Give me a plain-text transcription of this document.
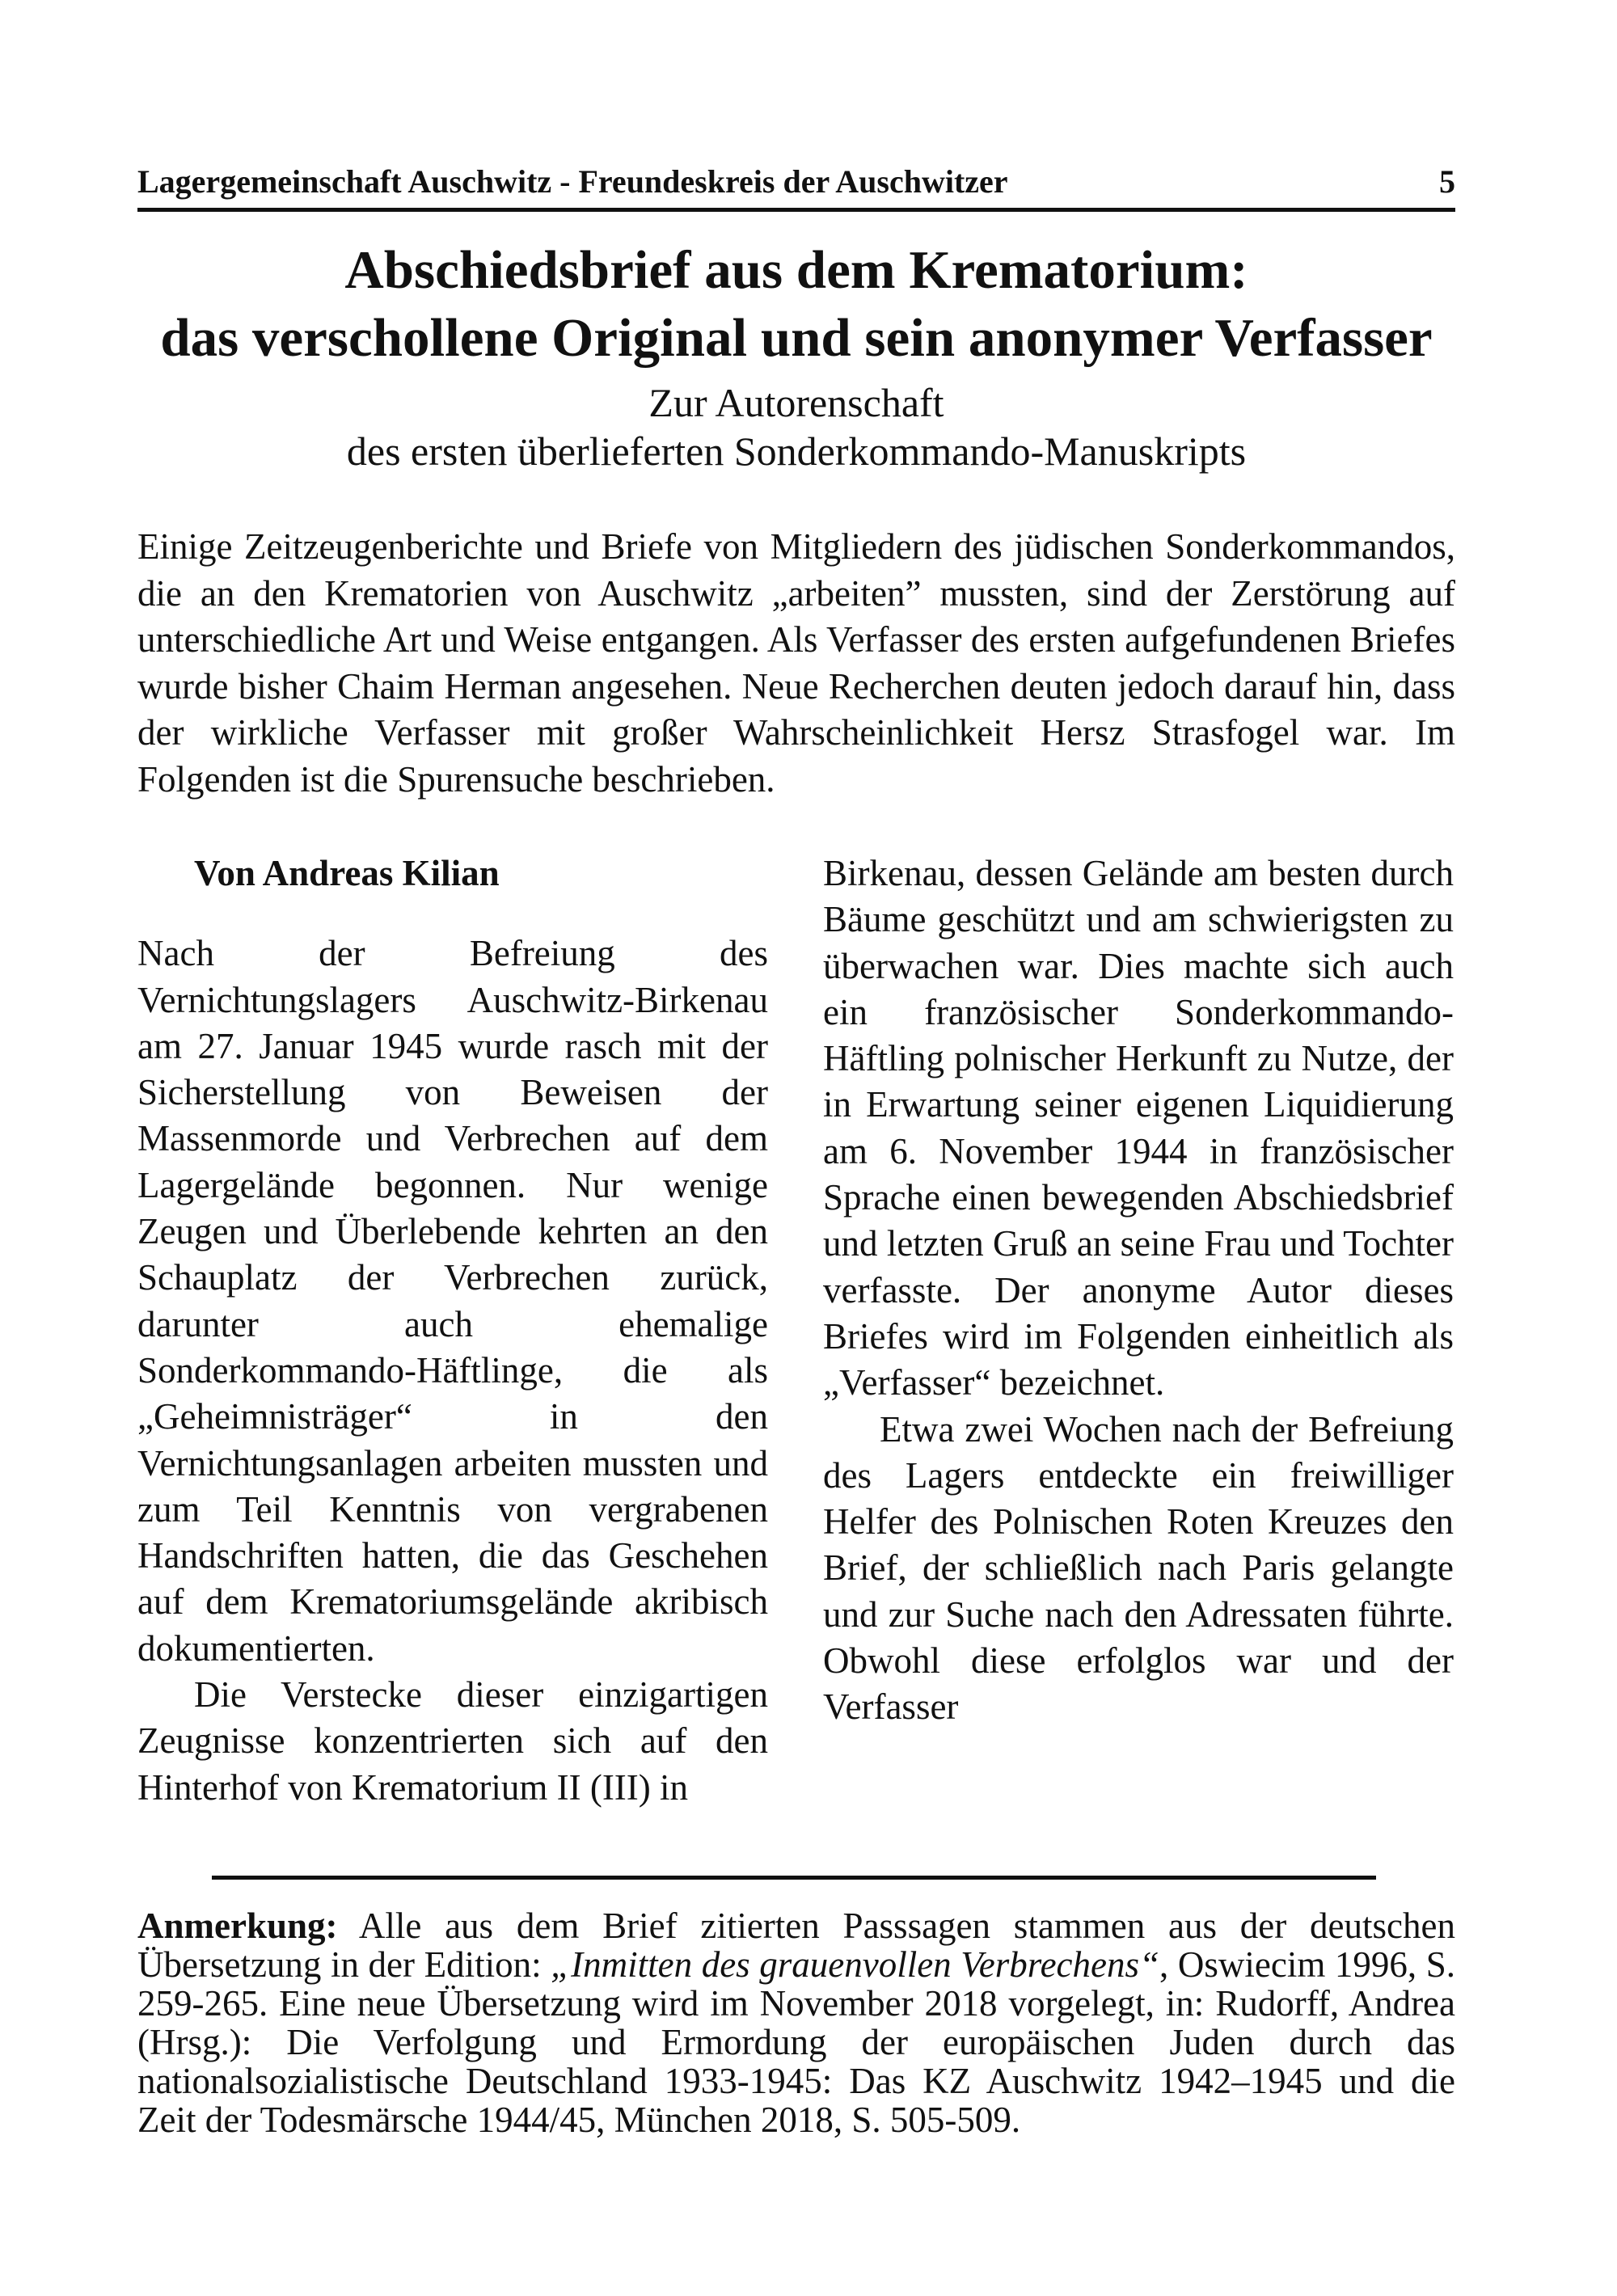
Lagergemeinschaft Auschwitz - Freundeskreis der Auschwitzer	5
Abschiedsbrief aus dem Krematorium:
das verschollene Original und sein anonymer Verfasser

Zur Autorenschaft
des ersten überlieferten Sonderkommando-Manuskripts

Einige Zeitzeugenberichte und Briefe von Mitgliedern des jüdischen Sonderkommandos, die an den Krematorien von Auschwitz „arbeiten” mussten, sind der Zerstörung auf unterschiedliche Art und Weise entgangen. Als Verfasser des ersten aufgefundenen Briefes wurde bisher Chaim Herman angesehen. Neue Recherchen deuten jedoch darauf hin, dass der wirkliche Verfasser mit großer Wahrscheinlichkeit Hersz Strasfogel war. Im Folgenden ist die Spurensuche beschrieben.

Von Andreas Kilian

Nach der Befreiung des Vernichtungslagers Auschwitz-Birkenau am 27. Januar 1945 wurde rasch mit der Sicherstellung von Beweisen der Massenmorde und Verbrechen auf dem Lagergelände begonnen. Nur wenige Zeugen und Überlebende kehrten an den Schauplatz der Verbrechen zurück, darunter auch ehemalige Sonderkommando-Häftlinge, die als „Geheimnisträger“ in den Vernichtungsanlagen arbeiten mussten und zum Teil Kenntnis von vergrabenen Handschriften hatten, die das Geschehen auf dem Krematoriumsgelände akribisch dokumentierten.

Die Verstecke dieser einzigartigen Zeugnisse konzentrierten sich auf den Hinterhof von Krematorium II (III) in

Birkenau, dessen Gelände am besten durch Bäume geschützt und am schwierigsten zu überwachen war. Dies machte sich auch ein französischer Sonderkommando-Häftling polnischer Herkunft zu Nutze, der in Erwartung seiner eigenen Liquidierung am 6. November 1944 in französischer Sprache einen bewegenden Abschiedsbrief und letzten Gruß an seine Frau und Tochter verfasste. Der anonyme Autor dieses Briefes wird im Folgenden einheitlich als „Verfasser“ bezeichnet.

Etwa zwei Wochen nach der Befreiung des Lagers entdeckte ein freiwilliger Helfer des Polnischen Roten Kreuzes den Brief, der schließlich nach Paris gelangte und zur Suche nach den Adressaten führte. Obwohl diese erfolglos war und der Verfasser

Anmerkung: Alle aus dem Brief zitierten Passsagen stammen aus der deutschen Übersetzung in der Edition: „Inmitten des grauenvollen Verbrechens“, Oswiecim 1996, S. 259-265. Eine neue Übersetzung wird im November 2018 vorgelegt, in: Rudorff, Andrea (Hrsg.): Die Verfolgung und Ermordung der europäischen Juden durch das nationalsozialistische Deutschland 1933-1945: Das KZ Auschwitz 1942–1945 und die Zeit der Todesmärsche 1944/45, München 2018, S. 505-509.
